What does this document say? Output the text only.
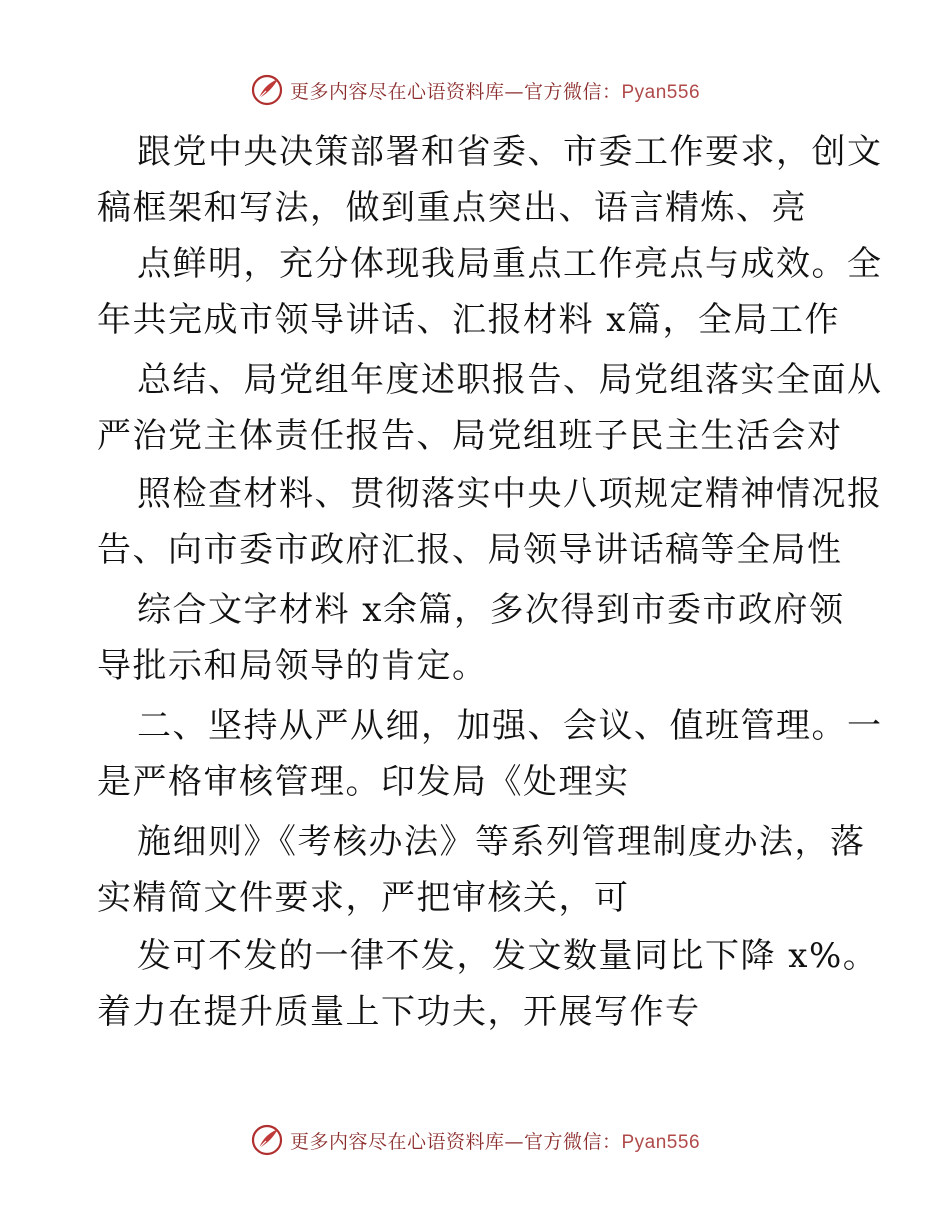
更多内容尽在心语资料库—官方微信：Pyan556
跟党中央决策部署和省委、市委工作要求，创文
稿框架和写法，做到重点突出、语言精炼、亮
点鲜明，充分体现我局重点工作亮点与成效。全
年共完成市领导讲话、汇报材料 x篇，全局工作
总结、局党组年度述职报告、局党组落实全面从
严治党主体责任报告、局党组班子民主生活会对
照检查材料、贯彻落实中央八项规定精神情况报
告、向市委市政府汇报、局领导讲话稿等全局性
综合文字材料 x余篇，多次得到市委市政府领
导批示和局领导的肯定。
二、坚持从严从细，加强、会议、值班管理。一
是严格审核管理。印发局《处理实
施细则》《考核办法》等系列管理制度办法，落
实精简文件要求，严把审核关，可
发可不发的一律不发，发文数量同比下降 x%。
着力在提升质量上下功夫，开展写作专
更多内容尽在心语资料库—官方微信：Pyan556
